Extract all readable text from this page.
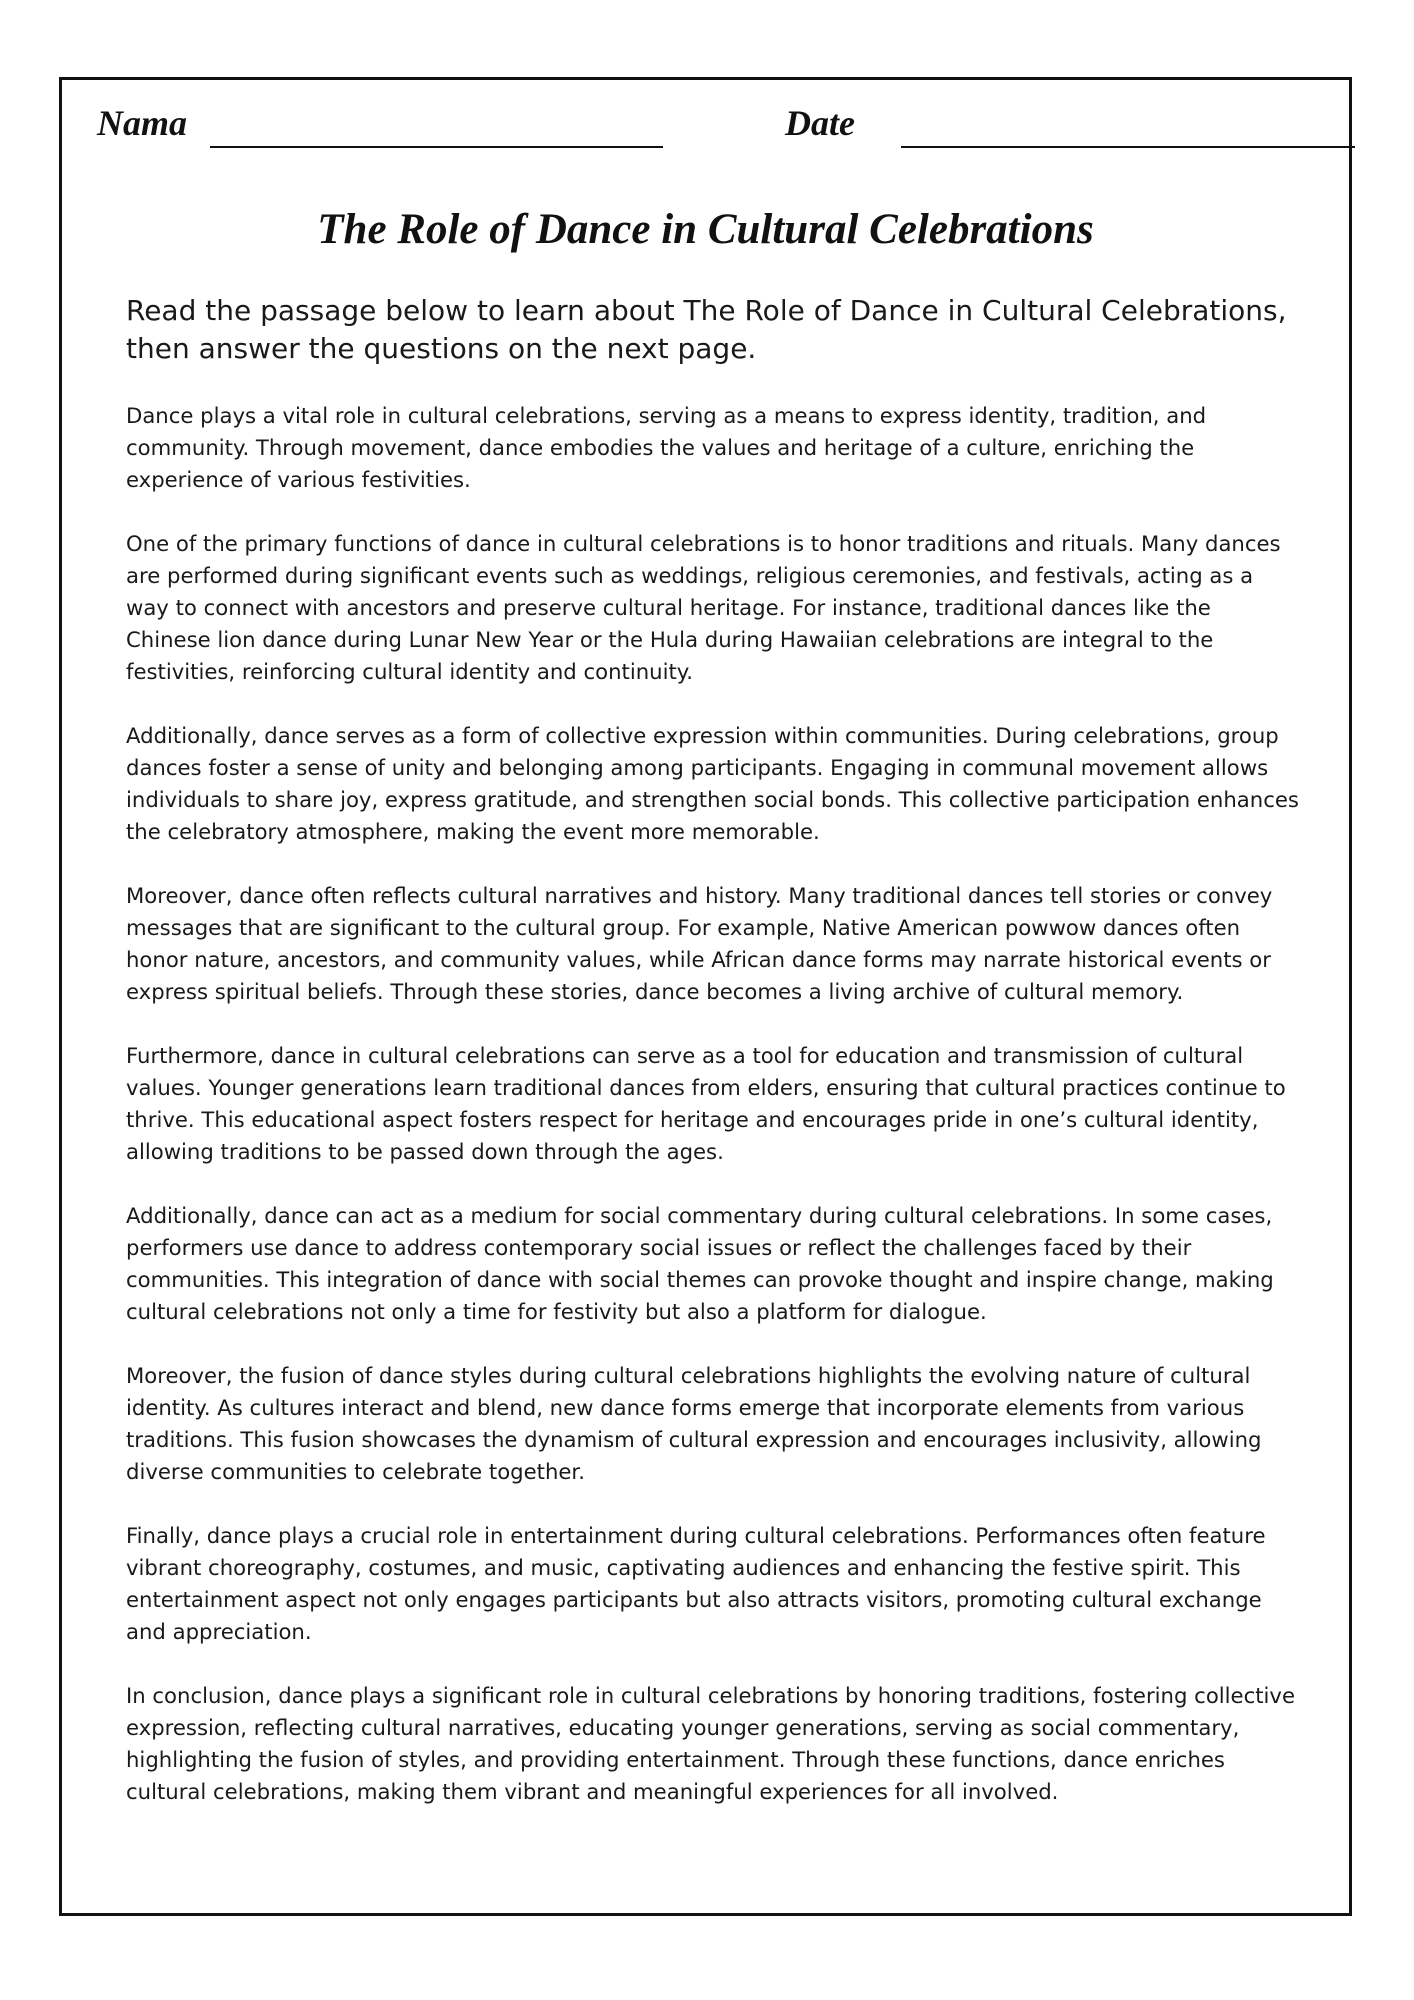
Nama	Date
The Role of Dance in Cultural Celebrations
Read the passage below to learn about The Role of Dance in Cultural Celebrations, then answer the questions on the next page.

Dance plays a vital role in cultural celebrations, serving as a means to express identity, tradition, and community. Through movement, dance embodies the values and heritage of a culture, enriching the experience of various festivities.

One of the primary functions of dance in cultural celebrations is to honor traditions and rituals. Many dances are performed during significant events such as weddings, religious ceremonies, and festivals, acting as a way to connect with ancestors and preserve cultural heritage. For instance, traditional dances like the Chinese lion dance during Lunar New Year or the Hula during Hawaiian celebrations are integral to the festivities, reinforcing cultural identity and continuity.

Additionally, dance serves as a form of collective expression within communities. During celebrations, group dances foster a sense of unity and belonging among participants. Engaging in communal movement allows individuals to share joy, express gratitude, and strengthen social bonds. This collective participation enhances the celebratory atmosphere, making the event more memorable.

Moreover, dance often reflects cultural narratives and history. Many traditional dances tell stories or convey messages that are significant to the cultural group. For example, Native American powwow dances often honor nature, ancestors, and community values, while African dance forms may narrate historical events or express spiritual beliefs. Through these stories, dance becomes a living archive of cultural memory.

Furthermore, dance in cultural celebrations can serve as a tool for education and transmission of cultural values. Younger generations learn traditional dances from elders, ensuring that cultural practices continue to thrive. This educational aspect fosters respect for heritage and encourages pride in one’s cultural identity, allowing traditions to be passed down through the ages.

Additionally, dance can act as a medium for social commentary during cultural celebrations. In some cases, performers use dance to address contemporary social issues or reflect the challenges faced by their communities. This integration of dance with social themes can provoke thought and inspire change, making cultural celebrations not only a time for festivity but also a platform for dialogue.

Moreover, the fusion of dance styles during cultural celebrations highlights the evolving nature of cultural identity. As cultures interact and blend, new dance forms emerge that incorporate elements from various traditions. This fusion showcases the dynamism of cultural expression and encourages inclusivity, allowing diverse communities to celebrate together.

Finally, dance plays a crucial role in entertainment during cultural celebrations. Performances often feature vibrant choreography, costumes, and music, captivating audiences and enhancing the festive spirit. This entertainment aspect not only engages participants but also attracts visitors, promoting cultural exchange and appreciation.

In conclusion, dance plays a significant role in cultural celebrations by honoring traditions, fostering collective expression, reflecting cultural narratives, educating younger generations, serving as social commentary, highlighting the fusion of styles, and providing entertainment. Through these functions, dance enriches cultural celebrations, making them vibrant and meaningful experiences for all involved.
